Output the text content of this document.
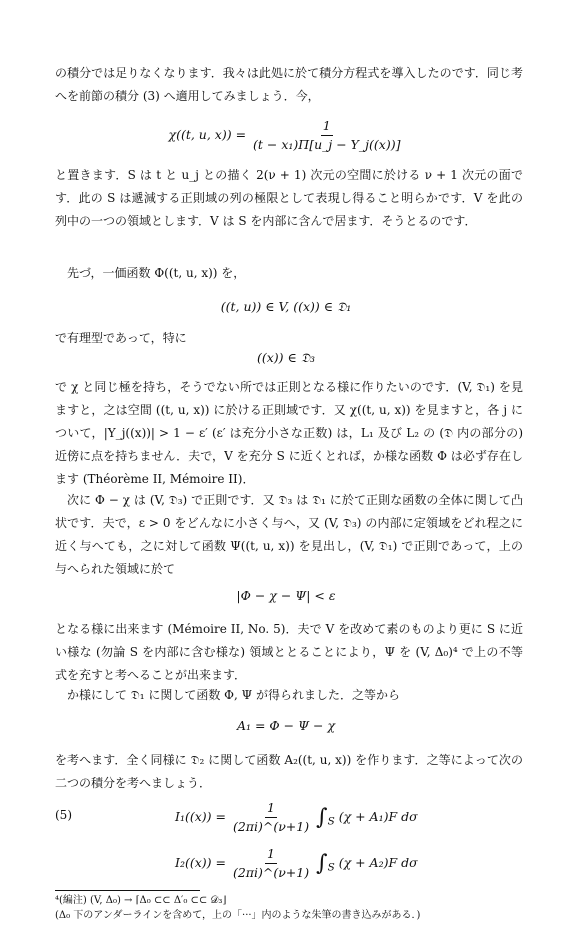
の積分では足りなくなります．我々は此処に於て積分方程式を導入したのです．同じ考へを前節の積分 (3) へ適用してみましょう．今，

χ((t, u, $x)) = \frac{1}{\text{(t − x₁)Π[u\_j − Y\_j((x))]}}$

と置きます．S は t と u_j との描く 2(ν + 1) 次元の空間に於ける ν + 1 次元の面です．此の S は遞減する正則域の列の極限として表現し得ること明らかです．V を此の列中の一つの領域とします．V は S を内部に含んで居ます．そうとるのです．

先づ，一価函数 Φ((t, u, x)) を，

((t, u)) ∈ V, ((x)) ∈ 𝔇₁

で有理型であって，特に

((x)) ∈ 𝔇₃

で χ と同じ極を持ち，そうでない所では正則となる様に作りたいのです．(V, 𝔇₁) を見ますと，之は空間 ((t, u, x)) に於ける正則域です．又 χ((t, u, x)) を見ますと，各 j について，|Y_j((x))| > 1 − ε′ (ε′ は充分小さな正数) は，L₁ 及び L₂ の (𝔇 内の部分の) 近傍に点を持ちません．夫で，V を充分 S に近くとれば，か様な函数 Φ は必ず存在します (Théorème II, Mémoire II)．

次に Φ − χ は (V, 𝔇₃) で正則です．又 𝔇₃ は 𝔇₁ に於て正則な函数の全体に関して凸状です．夫で，ε > 0 をどんなに小さく与へ，又 (V, 𝔇₃) の内部に定領域をどれ程之に近く与へても，之に対して函数 Ψ((t, u, x)) を見出し，(V, 𝔇₁) で正則であって，上の与へられた領域に於て

|Φ − χ − Ψ| < ε

となる様に出来ます (Mémoire II, No. 5)．夫で V を改めて素のものより更に S に近い様な (勿論 S を内部に含む様な) 領域ととることにより，Ψ を (V, Δ₀)⁴ で上の不等式を充すと考へることが出来ます．

か様にして 𝔇₁ に関して函数 Φ, Ψ が得られました．之等から

A₁ = Φ − Ψ − χ

を考へます．全く同様に 𝔇₂ に関して函数 A₂((t, u, x)) を作ります．之等によって次の二つの積分を考へましょう．

(5)	$I_1((x)) = \frac{1}{(2\pi i)\^{}(\nu+1)} \int_S$ (χ + A₁)F dσ
$I_2((x)) = \frac{1}{(2\pi i)\^{}(\nu+1)} \int_S$ (χ + A₂)F dσ

⁴(編注) (V, Δ₀) → ⌈Δ₀ ⊂⊂ Δ′₀ ⊂⊂ 𝒟₃⌋

(Δ₀ 下のアンダーラインを含めて，上の「···」内のような朱筆の書き込みがある．)
